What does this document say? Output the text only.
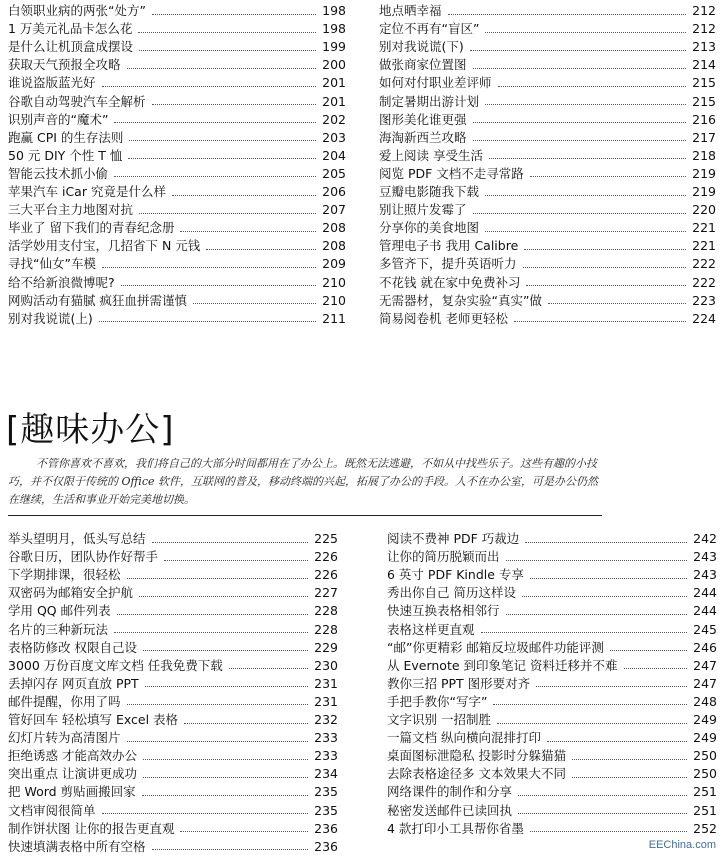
白领职业病的两张“处方”	198
1 万美元礼品卡怎么花	198
是什么让机顶盒成摆设	199
获取天气预报全攻略	200
谁说盗版蓝光好	201
谷歌自动驾驶汽车全解析	201
识别声音的“魔术”	202
跑赢 CPI 的生存法则	203
50 元 DIY 个性 T 恤	204
智能云技术抓小偷	205
苹果汽车 iCar 究竟是什么样	206
三大平台主力地图对抗	207
毕业了 留下我们的青春纪念册	208
活学妙用支付宝，几招省下 N 元钱	208
寻找“仙女”车模	209
给不给新浪微博呢?	210
网购活动有猫腻 疯狂血拼需谨慎	210
别对我说谎(上)	211
地点晒幸福	212
定位不再有“盲区”	212
别对我说谎(下)	213
做张商家位置图	214
如何对付职业差评师	215
制定暑期出游计划	215
图形美化谁更强	216
海淘新西兰攻略	217
爱上阅读 享受生活	218
阅览 PDF 文档不走寻常路	219
豆瓣电影随我下载	219
别让照片发霉了	220
分享你的美食地图	221
管理电子书 我用 Calibre	221
多管齐下，提升英语听力	222
不花钱 就在家中免费补习	222
无需器材，复杂实验“真实”做	223
简易阅卷机 老师更轻松	224
[趣味办公]
不管你喜欢不喜欢，我们将自己的大部分时间都用在了办公上。既然无法逃避，不如从中找些乐子。这些有趣的小技巧，并不仅限于传统的 Office 软件，互联网的普及，移动终端的兴起，拓展了办公的手段。人不在办公室，可是办公仍然在继续，生活和事业开始完美地切换。
举头望明月，低头写总结	225
谷歌日历，团队协作好帮手	226
下学期排课，很轻松	226
双密码为邮箱安全护航	227
学用 QQ 邮件列表	228
名片的三种新玩法	228
表格防修改 权限自己设	229
3000 万份百度文库文档 任我免费下载	230
丢掉闪存 网页直放 PPT	231
邮件提醒，你用了吗	231
管好回车 轻松填写 Excel 表格	232
幻灯片转为高清图片	233
拒绝诱惑 才能高效办公	233
突出重点 让演讲更成功	234
把 Word 剪贴画搬回家	235
文档审阅很简单	235
制作饼状图 让你的报告更直观	236
快速填满表格中所有空格	236
阅读不费神 PDF 巧裁边	242
让你的简历脱颖而出	243
6 英寸 PDF Kindle 专享	243
秀出你自己 简历这样设	244
快速互换表格相邻行	244
表格这样更直观	245
“邮”你更精彩 邮箱反垃圾邮件功能评测	246
从 Evernote 到印象笔记 资料迁移并不难	247
教你三招 PPT 图形要对齐	247
手把手教你“写字”	248
文字识别 一招制胜	249
一篇文档 纵向横向混排打印	249
桌面图标泄隐私 投影时分躲猫猫	250
去除表格途径多 文本效果大不同	250
网络课件的制作和分享	251
秘密发送邮件已读回执	251
4 款打印小工具帮你省墨	252
EEChina.com
